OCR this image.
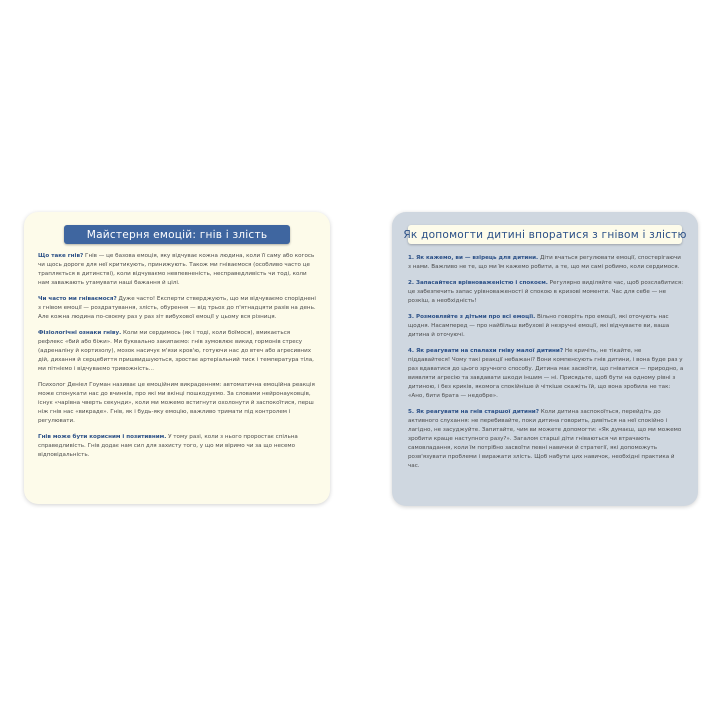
Майстерня емоцій: гнів і злість

Що таке гнів? Гнів — це базова емоція, яку відчуває кожна людина, коли її саму або когось чи щось дороге для неї критикують, принижують. Також ми гніваємося (особливо часто це трапляється в дитинстві), коли відчуваємо невпевненість, несправедливість чи тоді, коли нам заважають утамувати наші бажання й цілі.

Чи часто ми гніваємося? Дуже часто! Експерти стверджують, що ми відчуваємо споріднені з гнівом емоції — роздратування, злість, обурення — від трьох до п'ятнадцяти разів на день. Але кожна людина по-своєму раз у раз зіт вибухової емоції у цьому вся різниця.

Фізіологічні ознаки гніву. Коли ми сердимось (як і тоді, коли боїмося), вмикається рефлекс «бий або біжи». Ми буквально закипаємо: гнів зумовлює викид гормонів стресу (адреналіну й кортизолу), мозок насичує м'язи кров'ю, готуючи нас до втеч або агресивних дій, дихання й серцебиття пришвидшуються, зростає артеріальний тиск і температура тіла, ми пітніємо і відчуваємо тривожність...

Психолог Деніел Гоуман називає це емоційним викраденням: автоматична емоційна реакція може спонукати нас до вчинків, про які ми вкінці пошкодуємо. За словами нейронауковців, існує «чарівна чверть секунди», коли ми можемо встигнути охолонути й заспокоїтися, перш ніж гнів нас «викраде». Гнів, як і будь-яку емоцію, важливо тримати під контролем і регулювати.

Гнів може бути корисним і позитивним. У тому разі, коли з нього проростає спільна справедливість. Гнів додає нам сил для захисту того, у що ми віримо чи за що несемо відповідальність.

Як допомогти дитині впоратися з гнівом і злістю

1. Як кажемо, ви — взірець для дитини. Діти вчаться регулювати емоції, спостерігаючи з нами. Важливо не те, що ми їм кажемо робити, а те, що ми самі робимо, коли сердимося.

2. Запасайтеся врівноваженістю і спокоєм. Регулярно виділяйте час, щоб розслабитися: це забезпечить запас урівноваженості й спокою в кризові моменти. Час для себе — не розкіш, а необхідність!

3. Розмовляйте з дітьми про всі емоції. Вільно говоріть про емоції, які оточують нас щодня. Насамперед — про найбільш вибухові й незручні емоції, які відчуваєте ви, ваша дитина й оточуючі.

4. Як реагувати на спалахи гніву малої дитини? Не кричіть, не тікайте, не піддавайтеся! Чому такі реакції небажані? Вони компенсують гнів дитини, і вона буде раз у раз вдаватися до цього зручного способу. Дитина має засвоїти, що гніватися — природно, а виявляти агресію та завдавати шкоди іншим — ні. Присядьте, щоб бути на одному рівні з дитиною, і без криків, якомога спокійніше й чіткіше скажіть їй, що вона зробила не так: «Ано, бити брата — недобре».

5. Як реагувати на гнів старшої дитини? Коли дитина заспокоїться, перейдіть до активного слухання: не перебивайте, поки дитина говорить, дивіться на неї спокійно і лагідно, не засуджуйте. Запитайте, чим ви можете допомогти: «Як думаєш, що ми можемо зробити краще наступного разу?». Загалом старші діти гніваються чи втрачають самовладання, коли їм потрібно засвоїти певні навички й стратегії, які допоможуть розв'язувати проблеми і виражати злість. Щоб набути цих навичок, необхідні практика й час.
